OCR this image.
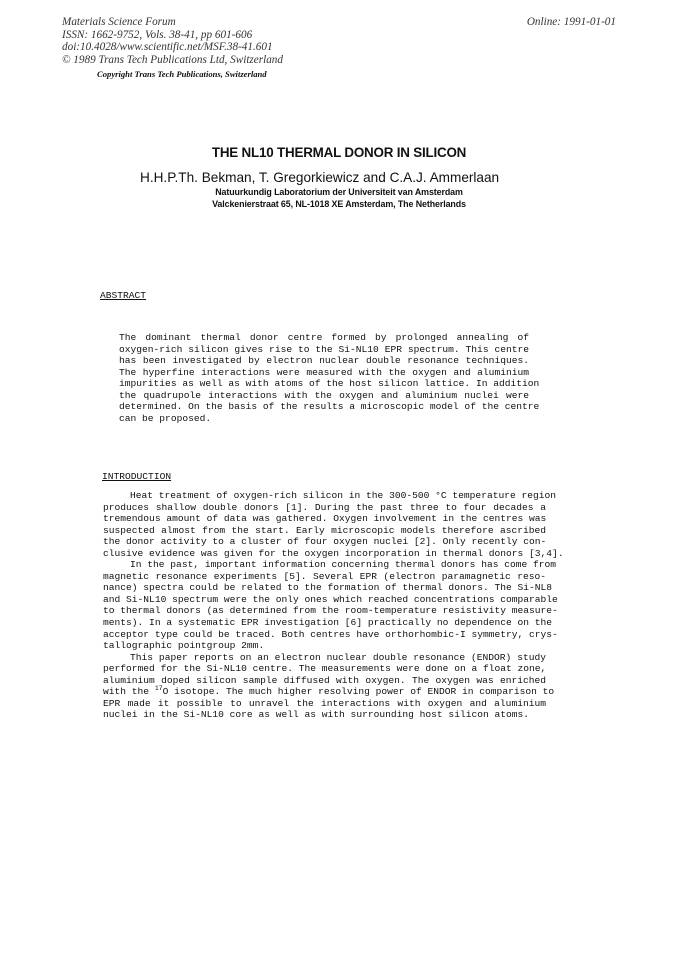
Materials Science Forum
ISSN: 1662-9752, Vols. 38-41, pp 601-606
doi:10.4028/www.scientific.net/MSF.38-41.601
© 1989 Trans Tech Publications Ltd, Switzerland
Online: 1991-01-01
Copyright Trans Tech Publications, Switzerland
THE NL10 THERMAL DONOR IN SILICON
H.H.P.Th. Bekman, T. Gregorkiewicz and C.A.J. Ammerlaan
Natuurkundig Laboratorium der Universiteit van Amsterdam
Valckenierstraat 65, NL-1018 XE Amsterdam, The Netherlands
ABSTRACT
The dominant thermal donor centre formed by prolonged annealing of
oxygen-rich silicon gives rise to the Si-NL10 EPR spectrum. This centre
has been investigated by electron nuclear double resonance techniques.
The hyperfine interactions were measured with the oxygen and aluminium
impurities as well as with atoms of the host silicon lattice. In addition
the quadrupole interactions with the oxygen and aluminium nuclei were
determined. On the basis of the results a microscopic model of the centre
can be proposed.
INTRODUCTION
Heat treatment of oxygen-rich silicon in the 300-500 °C temperature region
produces shallow double donors [1]. During the past three to four decades a
tremendous amount of data was gathered. Oxygen involvement in the centres was
suspected almost from the start. Early microscopic models therefore ascribed
the donor activity to a cluster of four oxygen nuclei [2]. Only recently con-
clusive evidence was given for the oxygen incorporation in thermal donors [3,4].
In the past, important information concerning thermal donors has come from
magnetic resonance experiments [5]. Several EPR (electron paramagnetic reso-
nance) spectra could be related to the formation of thermal donors. The Si-NL8
and Si-NL10 spectrum were the only ones which reached concentrations comparable
to thermal donors (as determined from the room-temperature resistivity measure-
ments). In a systematic EPR investigation [6] practically no dependence on the
acceptor type could be traced. Both centres have orthorhombic-I symmetry, crys-
tallographic pointgroup 2mm.
This paper reports on an electron nuclear double resonance (ENDOR) study
performed for the Si-NL10 centre. The measurements were done on a float zone,
aluminium doped silicon sample diffused with oxygen. The oxygen was enriched
with the $^{17}$O isotope. The much higher resolving power of ENDOR in comparison to
EPR made it possible to unravel the interactions with oxygen and aluminium
nuclei in the Si-NL10 core as well as with surrounding host silicon atoms.
